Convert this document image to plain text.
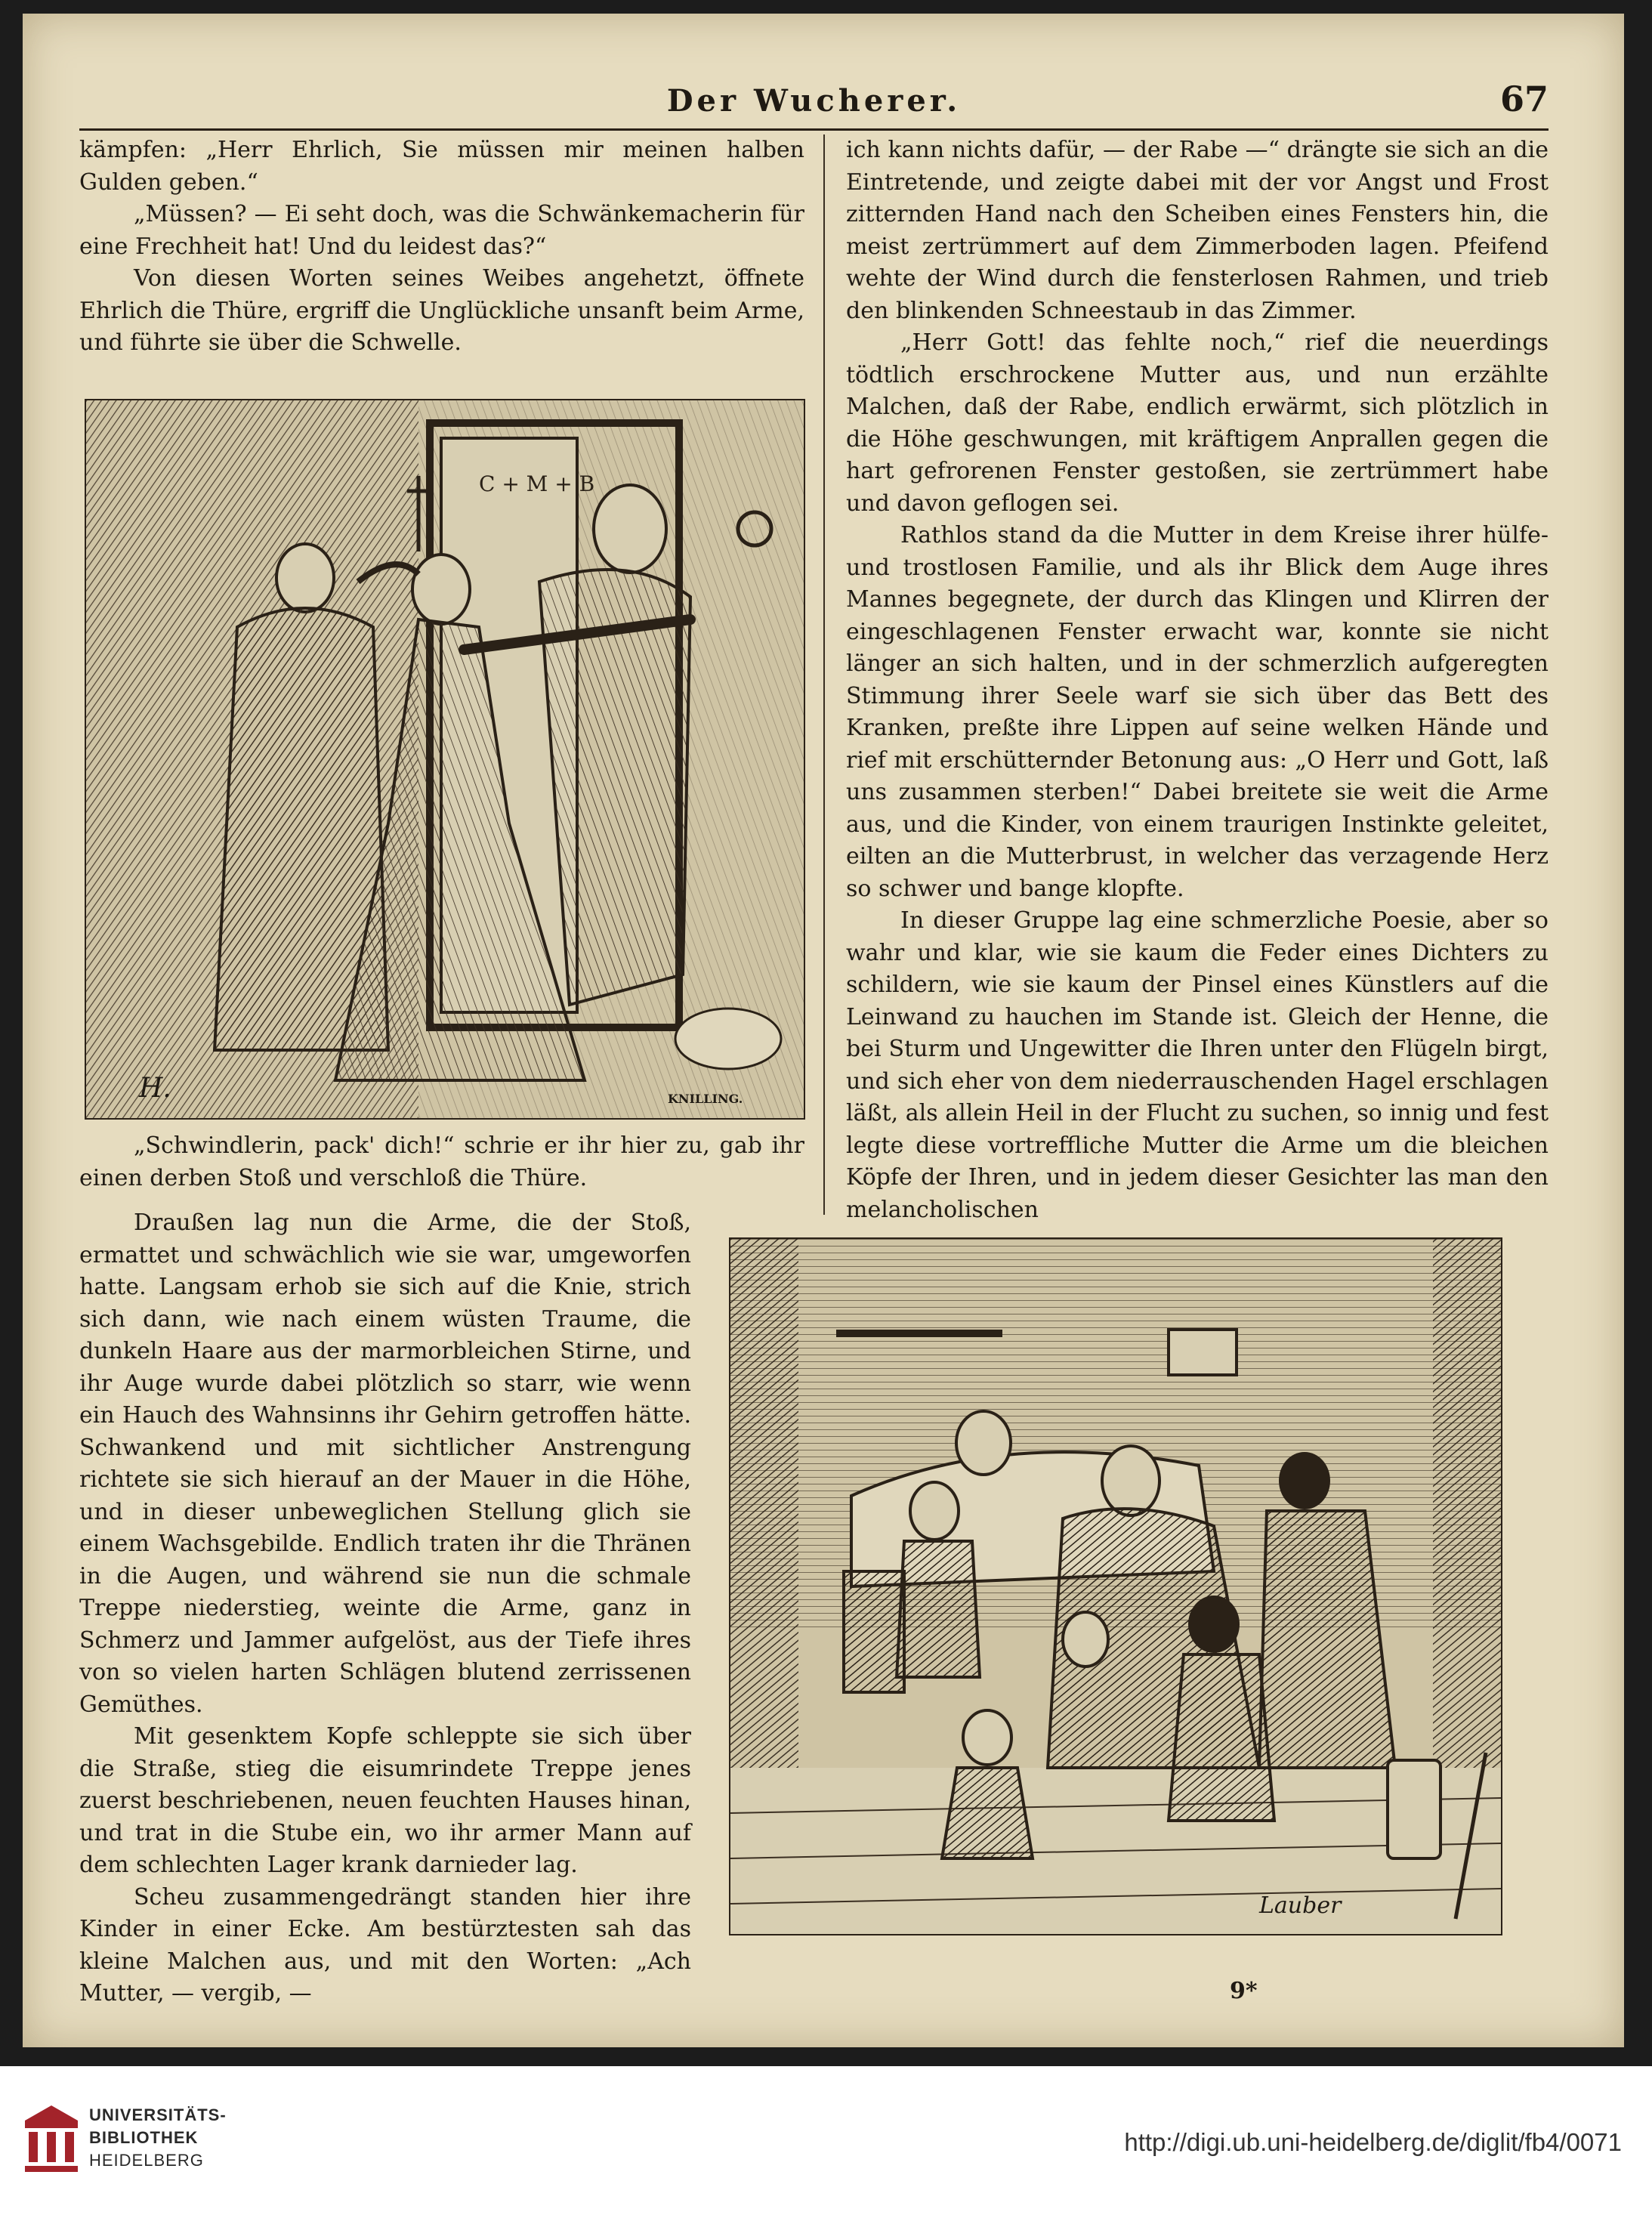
Der Wucherer.	67

kämpfen: „Herr Ehrlich, Sie müssen mir meinen halben Gulden geben.“

„Müssen? — Ei seht doch, was die Schwänkemacherin für eine Frechheit hat! Und du leidest das?“

Von diesen Worten seines Weibes angehetzt, öffnete Ehrlich die Thüre, ergriff die Unglückliche unsanft beim Arme, und führte sie über die Schwelle.

C + M + B
H.	KNILLING.

„Schwindlerin, pack' dich!“ schrie er ihr hier zu, gab ihr einen derben Stoß und verschloß die Thüre.

Draußen lag nun die Arme, die der Stoß, ermattet und schwächlich wie sie war, umgeworfen hatte. Langsam erhob sie sich auf die Knie, strich sich dann, wie nach einem wüsten Traume, die dunkeln Haare aus der marmorbleichen Stirne, und ihr Auge wurde dabei plötzlich so starr, wie wenn ein Hauch des Wahnsinns ihr Gehirn getroffen hätte. Schwankend und mit sichtlicher Anstrengung richtete sie sich hierauf an der Mauer in die Höhe, und in dieser unbeweglichen Stellung glich sie einem Wachsgebilde. Endlich traten ihr die Thränen in die Augen, und während sie nun die schmale Treppe niederstieg, weinte die Arme, ganz in Schmerz und Jammer aufgelöst, aus der Tiefe ihres von so vielen harten Schlägen blutend zerrissenen Gemüthes.

Mit gesenktem Kopfe schleppte sie sich über die Straße, stieg die eisumrindete Treppe jenes zuerst beschriebenen, neuen feuchten Hauses hinan, und trat in die Stube ein, wo ihr armer Mann auf dem schlechten Lager krank darnieder lag.

Scheu zusammengedrängt standen hier ihre Kinder in einer Ecke. Am bestürztesten sah das kleine Malchen aus, und mit den Worten: „Ach Mutter, — vergib, —

ich kann nichts dafür, — der Rabe —“ drängte sie sich an die Eintretende, und zeigte dabei mit der vor Angst und Frost zitternden Hand nach den Scheiben eines Fensters hin, die meist zertrümmert auf dem Zimmerboden lagen. Pfeifend wehte der Wind durch die fensterlosen Rahmen, und trieb den blinkenden Schneestaub in das Zimmer.

„Herr Gott! das fehlte noch,“ rief die neuerdings tödtlich erschrockene Mutter aus, und nun erzählte Malchen, daß der Rabe, endlich erwärmt, sich plötzlich in die Höhe geschwungen, mit kräftigem Anprallen gegen die hart gefrorenen Fenster gestoßen, sie zertrümmert habe und davon geflogen sei.

Rathlos stand da die Mutter in dem Kreise ihrer hülfe- und trostlosen Familie, und als ihr Blick dem Auge ihres Mannes begegnete, der durch das Klingen und Klirren der eingeschlagenen Fenster erwacht war, konnte sie nicht länger an sich halten, und in der schmerzlich aufgeregten Stimmung ihrer Seele warf sie sich über das Bett des Kranken, preßte ihre Lippen auf seine welken Hände und rief mit erschütternder Betonung aus: „O Herr und Gott, laß uns zusammen sterben!“ Dabei breitete sie weit die Arme aus, und die Kinder, von einem traurigen Instinkte geleitet, eilten an die Mutterbrust, in welcher das verzagende Herz so schwer und bange klopfte.

In dieser Gruppe lag eine schmerzliche Poesie, aber so wahr und klar, wie sie kaum die Feder eines Dichters zu schildern, wie sie kaum der Pinsel eines Künstlers auf die Leinwand zu hauchen im Stande ist. Gleich der Henne, die bei Sturm und Ungewitter die Ihren unter den Flügeln birgt, und sich eher von dem niederrauschenden Hagel erschlagen läßt, als allein Heil in der Flucht zu suchen, so innig und fest legte diese vortreffliche Mutter die Arme um die bleichen Köpfe der Ihren, und in jedem dieser Gesichter las man den melancholischen

Lauber
9*
UNIVERSITÄTS-
BIBLIOTHEK
HEIDELBERG
http://digi.ub.uni-heidelberg.de/diglit/fb4/0071
